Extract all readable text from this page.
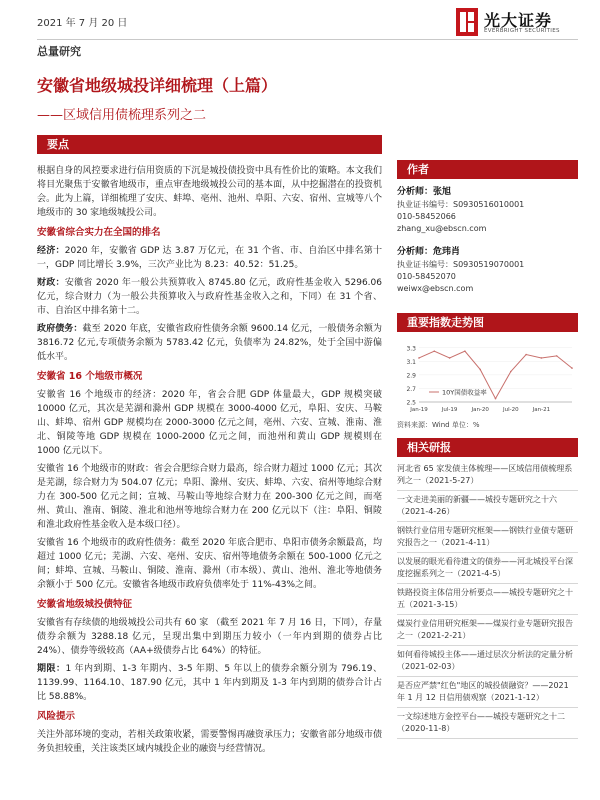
2021 年 7 月 20 日	光大证券
EVERBRIGHT SECURITIES
总量研究
安徽省地级城投详细梳理（上篇）
——区域信用债梳理系列之二
要点

根据自身的风控要求进行信用资质的下沉是城投债投资中具有性价比的策略。本文我们将目光聚焦于安徽省地级市，重点审查地级城投公司的基本面，从中挖掘潜在的投资机会。此为上篇，详细梳理了安庆、蚌埠、亳州、池州、阜阳、六安、宿州、宣城等八个地级市的 30 家地级城投公司。

安徽省综合实力在全国的排名

经济：2020 年，安徽省 GDP 达 3.87 万亿元，在 31 个省、市、自治区中排名第十一，GDP 同比增长 3.9%，三次产业比为 8.23：40.52：51.25。

财政：安徽省 2020 年一般公共预算收入 8745.80 亿元，政府性基金收入 5296.06 亿元，综合财力（为一般公共预算收入与政府性基金收入之和，下同）在 31 个省、市、自治区中排名第十二。

政府债务：截至 2020 年底，安徽省政府性债务余额 9600.14 亿元，一般债务余额为 3816.72 亿元,专项债务余额为 5783.42 亿元，负债率为 24.82%，处于全国中游偏低水平。

安徽省 16 个地级市概况

安徽省 16 个地级市的经济：2020 年，省会合肥 GDP 体量最大，GDP 规模突破 10000 亿元，其次是芜湖和滁州 GDP 规模在 3000-4000 亿元，阜阳、安庆、马鞍山、蚌埠、宿州 GDP 规模均在 2000-3000 亿元之间，亳州、六安、宣城、淮南、淮北、铜陵等地 GDP 规模在 1000-2000 亿元之间，而池州和黄山 GDP 规模则在 1000 亿元以下。

安徽省 16 个地级市的财政：省会合肥综合财力最高，综合财力超过 1000 亿元；其次是芜湖，综合财力为 504.07 亿元；阜阳、滁州、安庆、蚌埠、六安、宿州等地综合财力在 300-500 亿元之间；宣城、马鞍山等地综合财力在 200-300 亿元之间，而亳州、黄山、淮南、铜陵、淮北和池州等地综合财力在 200 亿元以下（注：阜阳、铜陵和淮北政府性基金收入是本级口径）。

安徽省 16 个地级市的政府性债务：截至 2020 年底合肥市、阜阳市债务余额最高，均超过 1000 亿元；芜湖、六安、亳州、安庆、宿州等地债务余额在 500-1000 亿元之间；蚌埠、宣城、马鞍山、铜陵、淮南、滁州（市本级）、黄山、池州、淮北等地债务余额小于 500 亿元。安徽省各地级市政府负债率处于 11%-43%之间。

安徽省地级城投债特征

安徽省有存续债的地级城投公司共有 60 家 （截至 2021 年 7 月 16 日，下同），存量债券余额为 3288.18 亿元，呈现出集中到期压力较小（一年内到期的债券占比 24%）、债券等级较高（AA+级债券占比 64%）的特征。

期限：1 年内到期、1-3 年期内、3-5 年期、5 年以上的债券余额分别为 796.19、1139.99、1164.10、187.90 亿元，其中 1 年内到期及 1-3 年内到期的债券合计占比 58.88%。

风险提示

关注外部环境的变动，若相关政策收紧，需要警惕再融资承压力；安徽省部分地级市债务负担较重，关注该类区域内城投企业的融资与经营情况。

作者
分析师：张旭
执业证书编号：S0930516010001
010-58452066
zhang_xu@ebscn.com
分析师：危玮肖
执业证书编号：S0930519070001
010-58452070
weiwx@ebscn.com
重要指数走势图
2.5
2.7
2.9
3.1
3.3
Jan-19	Jul-19	Jan-20	Jul-20	Jan-21
10Y国债收益率
资料来源：Wind 单位：%
相关研报
河北省 65 家发债主体梳理——区域信用债梳理系列之一（2021-5-27）
一文走进美丽的新疆——城投专题研究之十六（2021-4-26）
钢铁行业信用专题研究框架——钢铁行业债专题研究报告之一（2021-4-11）
以发展的眼光看待遗文的债券——河北城投平台深度挖掘系列之一（2021-4-5）
铁路投资主体信用分析要点——城投专题研究之十五（2021-3-15）
煤炭行业信用研究框架——煤炭行业专题研究报告之一（2021-2-21）
如何看待城投主体——通过层次分析法的定量分析（2021-02-03）
是否应严禁"红色"地区的城投债融资？——2021 年 1 月 12 日信用债观察（2021-1-12）
一文综述地方金控平台——城投专题研究之十二（2020-11-8）
